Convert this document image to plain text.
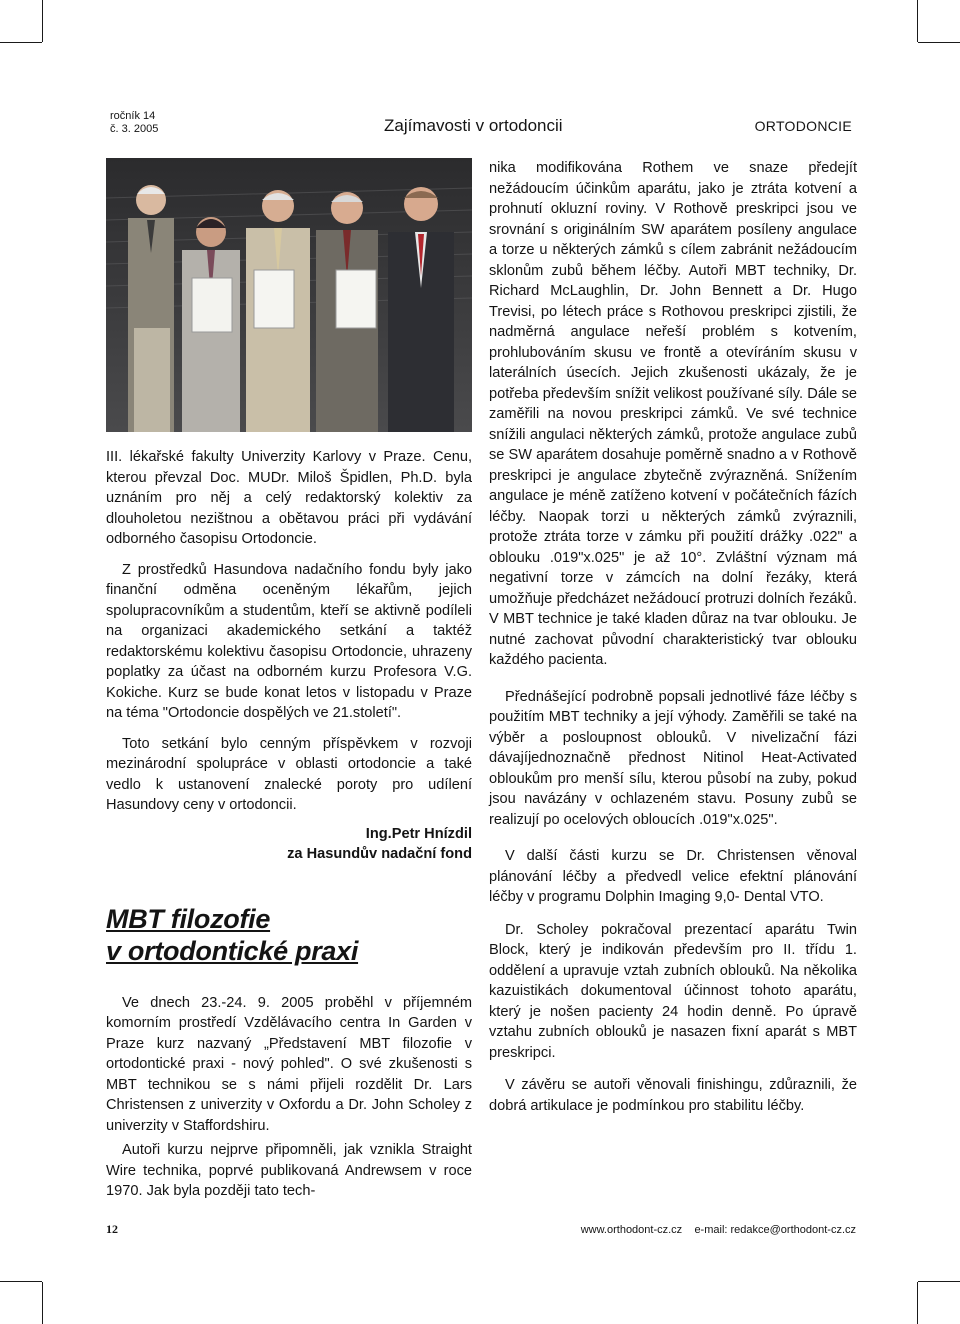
ročník 14
č. 3. 2005	Zajímavosti v ortodoncii	ORTODONCIE

III. lékařské fakulty Univerzity Karlovy v Praze. Cenu, kterou převzal Doc. MUDr. Miloš Špidlen, Ph.D. byla uznáním pro něj a celý redaktorský kolektiv za dlouholetou nezištnou a obětavou práci při vydávání odborného časopisu Ortodoncie.

Z prostředků Hasundova nadačního fondu byly jako finanční odměna oceněným lékařům, jejich spolupracovníkům a studentům, kteří se aktivně podíleli na organizaci akademického setkání a taktéž redaktorskému kolektivu časopisu Ortodoncie, uhrazeny poplatky za účast na odborném kurzu Profesora V.G. Kokiche. Kurz se bude konat letos v listopadu v Praze na téma "Ortodoncie dospělých ve 21.století".

Toto setkání bylo cenným příspěvkem v rozvoji mezinárodní spolupráce v oblasti ortodoncie a také vedlo k ustanovení znalecké poroty pro udílení Hasundovy ceny v ortodoncii.

Ing.Petr Hnízdil
za Hasundův nadační fond
MBT filozofie
v ortodontické praxi

Ve dnech 23.-24. 9. 2005 proběhl v příjemném komorním prostředí Vzdělávacího centra In Garden v Praze kurz nazvaný „Představení MBT filozofie v ortodontické praxi - nový pohled". O své zkušenosti s MBT technikou se s námi přijeli rozdělit Dr. Lars Christensen z univerzity v Oxfordu a Dr. John Scholey z univerzity v Staffordshiru.

Autoři kurzu nejprve připomněli, jak vznikla Straight Wire technika, poprvé publikovaná Andrewsem v roce 1970. Jak byla později tato tech-

nika modifikována Rothem ve snaze předejít nežádoucím účinkům aparátu, jako je ztráta kotvení a prohnutí okluzní roviny. V Rothově preskripci jsou ve srovnání s originálním SW aparátem posíleny angulace a torze u některých zámků s cílem zabránit nežádoucím sklonům zubů během léčby. Autoři MBT techniky, Dr. Richard McLaughlin, Dr. John Bennett a Dr. Hugo Trevisi, po létech práce s Rothovou preskripci zjistili, že nadměrná angulace neřeší problém s kotvením, prohlubováním skusu ve frontě a otevíráním skusu v laterálních úsecích. Jejich zkušenosti ukázaly, že je potřeba především snížit velikost používané síly. Dále se zaměřili na novou preskripci zámků. Ve své technice snížili angulaci některých zámků, protože angulace zubů se SW aparátem dosahuje poměrně snadno a v Rothově preskripci je angulace zbytečně zvýrazněná. Snížením angulace je méně zatíženo kotvení v počátečních fázích léčby. Naopak torzi u některých zámků zvýraznili, protože ztráta torze v zámku při použití drážky .022" a oblouku .019"x.025" je až 10°. Zvláštní význam má negativní torze v zámcích na dolní řezáky, která umožňuje předcházet nežádoucí protruzi dolních řezáků. V MBT technice je také kladen důraz na tvar oblouku. Je nutné zachovat původní charakteristický tvar oblouku každého pacienta.

Přednášející podrobně popsali jednotlivé fáze léčby s použitím MBT techniky a její výhody. Zaměřili se také na výběr a posloupnost oblouků. V nivelizační fázi dávajíjednoznačně přednost Nitinol Heat-Activated obloukům pro menší sílu, kterou působí na zuby, pokud jsou navázány v ochlazeném stavu. Posuny zubů se realizují po ocelových obloucích .019"x.025".

V další části kurzu se Dr. Christensen věnoval plánování léčby a předvedl velice efektní plánování léčby v programu Dolphin Imaging 9,0- Dental VTO.

Dr. Scholey pokračoval prezentací aparátu Twin Block, který je indikován především pro II. třídu 1. oddělení a upravuje vztah zubních oblouků. Na několika kazuistikách dokumentoval účinnost tohoto aparátu, který je nošen pacienty 24 hodin denně. Po úpravě vztahu zubních oblouků je nasazen fixní aparát s MBT preskripci.

V závěru se autoři věnovali finishingu, zdůraznili, že dobrá artikulace je podmínkou pro stabilitu léčby.

12	www.orthodont-cz.cz e-mail: redakce@orthodont-cz.cz
